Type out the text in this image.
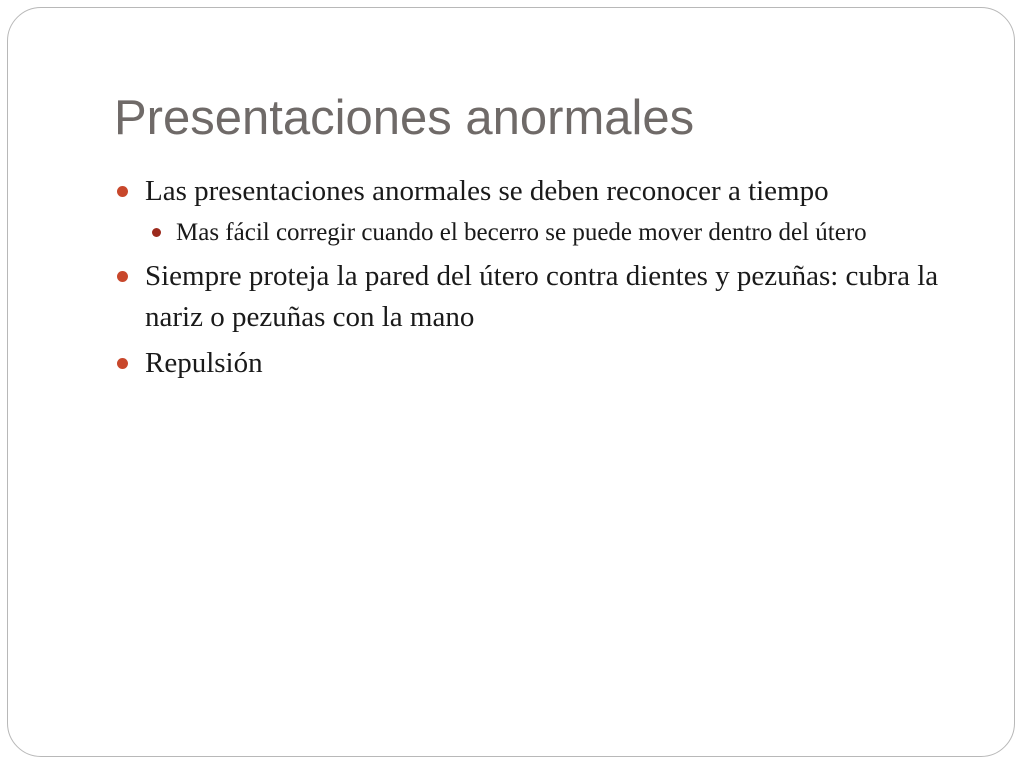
Presentaciones anormales
Las presentaciones anormales se deben reconocer a tiempo
Mas fácil corregir cuando el becerro se puede mover dentro del útero
Siempre proteja la pared del útero contra dientes y pezuñas: cubra la nariz o pezuñas con la mano
Repulsión
